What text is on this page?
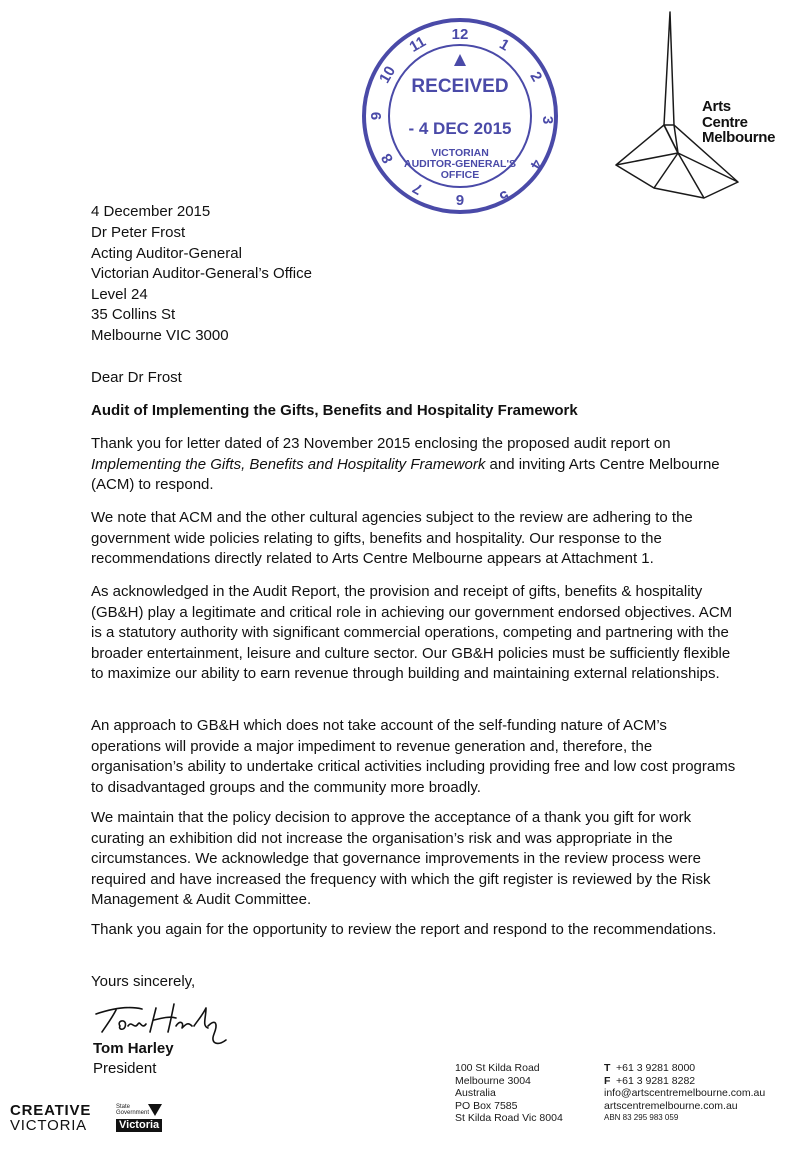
12
1
2
3
4
5
6
7
8
9
10
11
RECEIVED
- 4 DEC 2015
VICTORIAN
AUDITOR-GENERAL'S
OFFICE
Arts
Centre
Melbourne
4 December 2015
Dr Peter Frost
Acting Auditor-General
Victorian Auditor-General’s Office
Level 24
35 Collins St
Melbourne VIC 3000
Dear Dr Frost
Audit of Implementing the Gifts, Benefits and Hospitality Framework

Thank you for letter dated of 23 November 2015 enclosing the proposed audit report on Implementing the Gifts, Benefits and Hospitality Framework and inviting Arts Centre Melbourne (ACM) to respond.

We note that ACM and the other cultural agencies subject to the review are adhering to the government wide policies relating to gifts, benefits and hospitality. Our response to the recommendations directly related to Arts Centre Melbourne appears at Attachment 1.

As acknowledged in the Audit Report, the provision and receipt of gifts, benefits & hospitality (GB&H) play a legitimate and critical role in achieving our government endorsed objectives. ACM is a statutory authority with significant commercial operations, competing and partnering with the broader entertainment, leisure and culture sector. Our GB&H policies must be sufficiently flexible to maximize our ability to earn revenue through building and maintaining external relationships.

An approach to GB&H which does not take account of the self-funding nature of ACM’s operations will provide a major impediment to revenue generation and, therefore, the organisation’s ability to undertake critical activities including providing free and low cost programs to disadvantaged groups and the community more broadly.

We maintain that the policy decision to approve the acceptance of a thank you gift for work curating an exhibition did not increase the organisation’s risk and was appropriate in the circumstances. We acknowledge that governance improvements in the review process were required and have increased the frequency with which the gift register is reviewed by the Risk Management & Audit Committee.

Thank you again for the opportunity to review the report and respond to the recommendations.

Yours sincerely,
Tom Harley
President
CREATIVE
VICTORIA
State
Government
Victoria
100 St Kilda Road
Melbourne 3004
Australia
PO Box 7585
St Kilda Road Vic 8004
T +61 3 9281 8000
F +61 3 9281 8282
info@artscentremelbourne.com.au
artscentremelbourne.com.au
ABN 83 295 983 059
